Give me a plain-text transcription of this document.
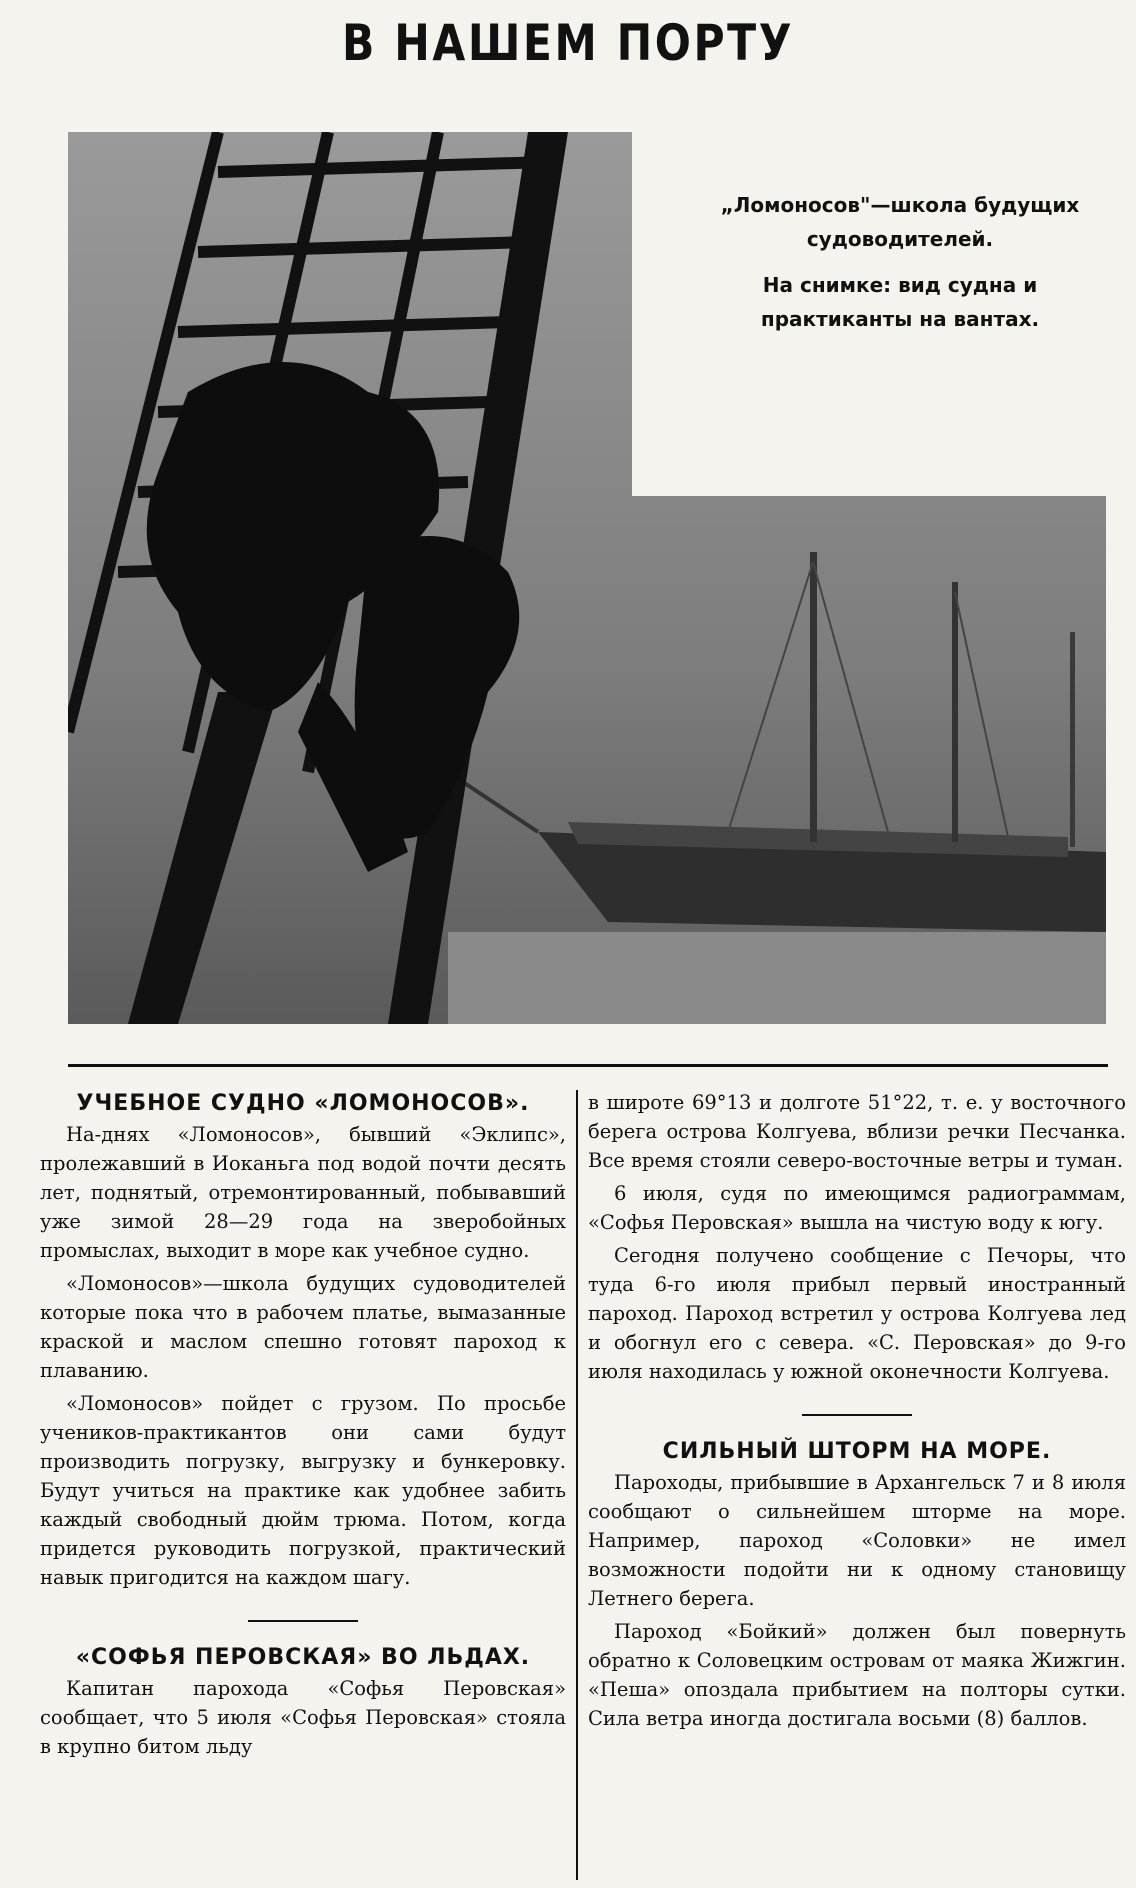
В НАШЕМ ПОРТУ

„Ломоносов"—школа будущих судоводителей.

На снимке: вид судна и практиканты на вантах.

УЧЕБНОЕ СУДНО «ЛОМОНОСОВ».

На-днях «Ломоносов», бывший «Эклипс», пролежавший в Иоканьга под водой почти десять лет, поднятый, отремонтированный, побывавший уже зимой 28—29 года на зверобойных промыслах, выходит в море как учебное судно.

«Ломоносов»—школа будущих судоводителей которые пока что в рабочем платье, вымазанные краской и маслом спешно готовят пароход к плаванию.

«Ломоносов» пойдет с грузом. По просьбе учеников-практикантов они сами будут производить погрузку, выгрузку и бункеровку. Будут учиться на практике как удобнее забить каждый свободный дюйм трюма. Потом, когда придется руководить погрузкой, практический навык пригодится на каждом шагу.

«СОФЬЯ ПЕРОВСКАЯ» ВО ЛЬДАХ.

Капитан парохода «Софья Перовская» сообщает, что 5 июля «Софья Перовская» стояла в крупно битом льду

в широте 69°13 и долготе 51°22, т. е. у восточного берега острова Колгуева, вблизи речки Песчанка. Все время стояли северо-восточные ветры и туман.

6 июля, судя по имеющимся радиограммам, «Софья Перовская» вышла на чистую воду к югу.

Сегодня получено сообщение с Печоры, что туда 6-го июля прибыл первый иностранный пароход. Пароход встретил у острова Колгуева лед и обогнул его с севера. «С. Перовская» до 9-го июля находилась у южной оконечности Колгуева.

СИЛЬНЫЙ ШТОРМ НА МОРЕ.

Пароходы, прибывшие в Архангельск 7 и 8 июля сообщают о сильнейшем шторме на море. Например, пароход «Соловки» не имел возможности подойти ни к одному становищу Летнего берега.

Пароход «Бойкий» должен был повернуть обратно к Соловецким островам от маяка Жижгин. «Пеша» опоздала прибытием на полторы сутки. Сила ветра иногда достигала восьми (8) баллов.
